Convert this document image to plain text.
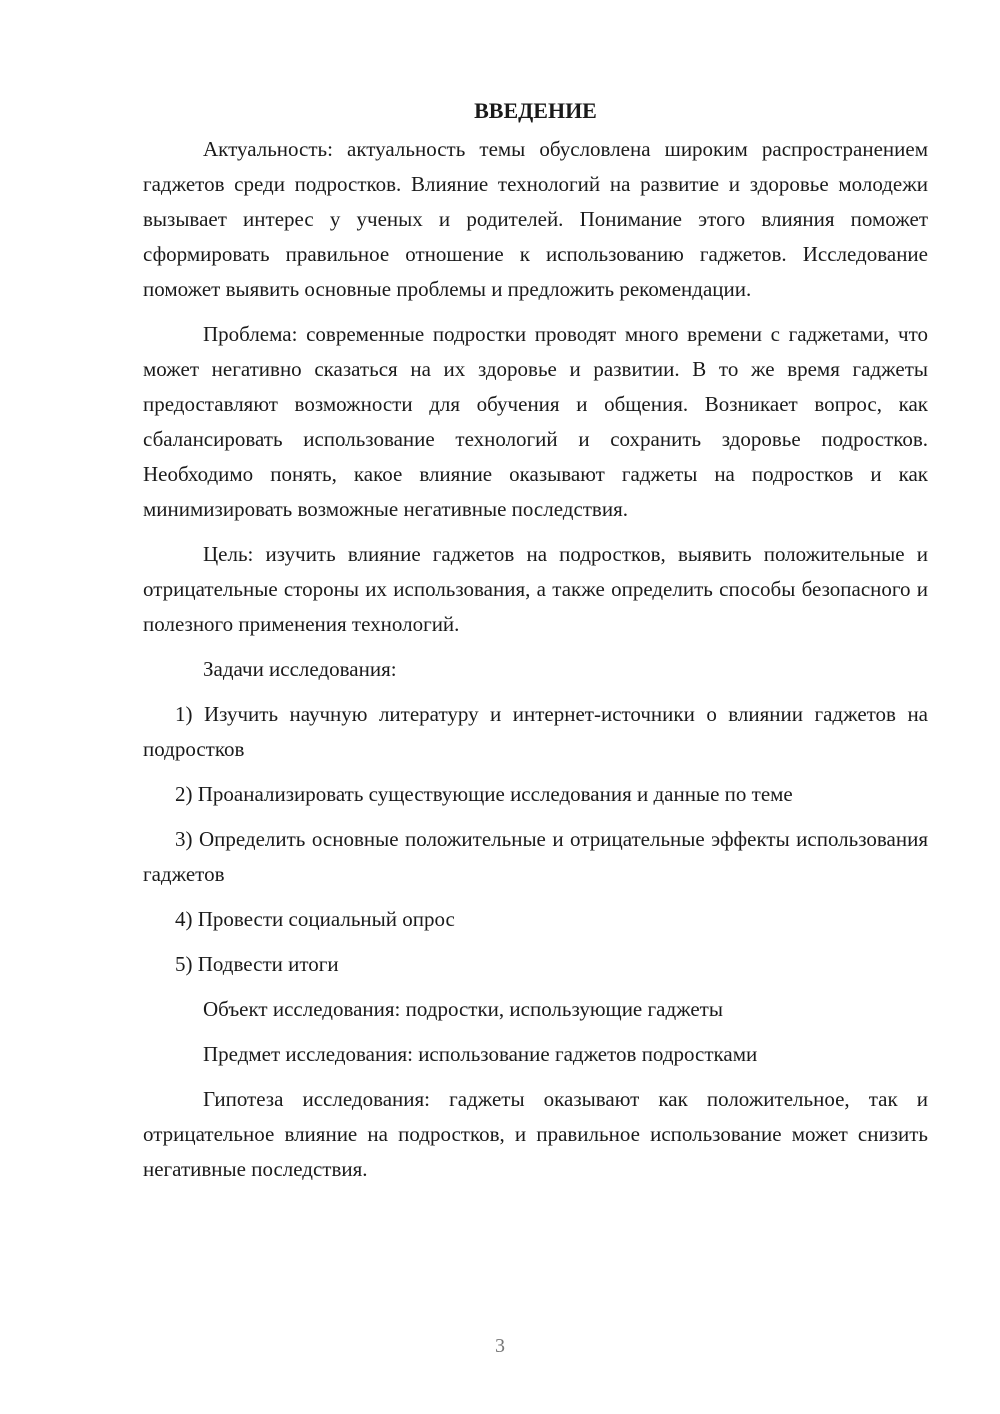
ВВЕДЕНИЕ

Актуальность: актуальность темы обусловлена широким распространением гаджетов среди подростков. Влияние технологий на развитие и здоровье молодежи вызывает интерес у ученых и родителей. Понимание этого влияния поможет сформировать правильное отношение к использованию гаджетов. Исследование поможет выявить основные проблемы и предложить рекомендации.

Проблема: современные подростки проводят много времени с гаджетами, что может негативно сказаться на их здоровье и развитии. В то же время гаджеты предоставляют возможности для обучения и общения. Возникает вопрос, как сбалансировать использование технологий и сохранить здоровье подростков. Необходимо понять, какое влияние оказывают гаджеты на подростков и как минимизировать возможные негативные последствия.

Цель: изучить влияние гаджетов на подростков, выявить положительные и отрицательные стороны их использования, а также определить способы безопасного и полезного применения технологий.

Задачи исследования:

1) Изучить научную литературу и интернет-источники о влиянии гаджетов на подростков

2) Проанализировать существующие исследования и данные по теме

3) Определить основные положительные и отрицательные эффекты использования гаджетов

4) Провести социальный опрос

5) Подвести итоги

Объект исследования: подростки, использующие гаджеты

Предмет исследования: использование гаджетов подростками

Гипотеза исследования: гаджеты оказывают как положительное, так и отрицательное влияние на подростков, и правильное использование может снизить негативные последствия.

3
